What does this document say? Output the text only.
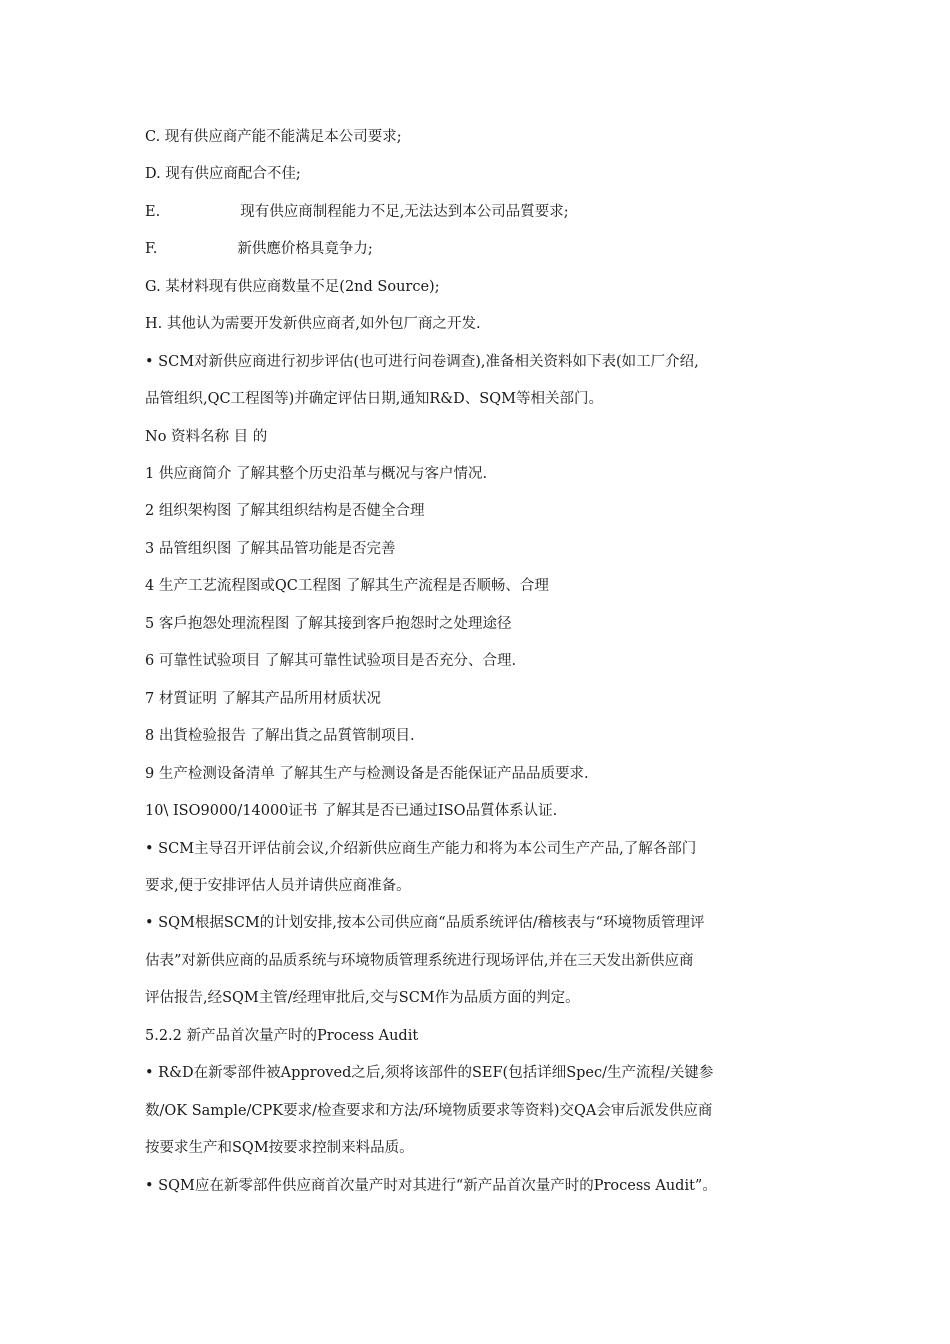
C. 现有供应商产能不能满足本公司要求;
D. 现有供应商配合不佳;
E.	现有供应商制程能力不足,无法达到本公司品質要求;
F.	新供應价格具竟争力;
G. 某材料现有供应商数量不足(2nd Source);
H. 其他认为需要开发新供应商者,如外包厂商之开发.
• SCM对新供应商进行初步评估(也可进行问卷调查),准备相关资料如下表(如工厂介绍,
品管组织,QC工程图等)并确定评估日期,通知R&D、SQM等相关部门。
No 资料名称 目 的
1 供应商简介 了解其整个历史沿革与概况与客户情况.
2 组织架构图 了解其组织结构是否健全合理
3 品管组织图 了解其品管功能是否完善
4 生产工艺流程图或QC工程图 了解其生产流程是否顺畅、合理
5 客戶抱怨处理流程图 了解其接到客戶抱怨时之处理途径
6 可靠性试验项目 了解其可靠性试验项目是否充分、合理.
7 材質证明 了解其产品所用材质状况
8 出貨检验报告 了解出貨之品質管制项目.
9 生产检测设备清单 了解其生产与检测设备是否能保证产品品质要求.
10\ ISO9000/14000证书 了解其是否已通过ISO品質体系认证.
• SCM主导召开评估前会议,介绍新供应商生产能力和将为本公司生产产品,了解各部门
要求,便于安排评估人员并请供应商准备。
• SQM根据SCM的计划安排,按本公司供应商“品质系统评估/稽核表与“环境物质管理评
估表”对新供应商的品质系统与环境物质管理系统进行现场评估,并在三天发出新供应商
评估报告,经SQM主管/经理审批后,交与SCM作为品质方面的判定。
5.2.2 新产品首次量产时的Process Audit
• R&D在新零部件被Approved之后,须将该部件的SEF(包括详细Spec/生产流程/关键参
数/OK Sample/CPK要求/检查要求和方法/环境物质要求等资料)交QA会审后派发供应商
按要求生产和SQM按要求控制来料品质。
• SQM应在新零部件供应商首次量产时对其进行“新产品首次量产时的Process Audit”。
